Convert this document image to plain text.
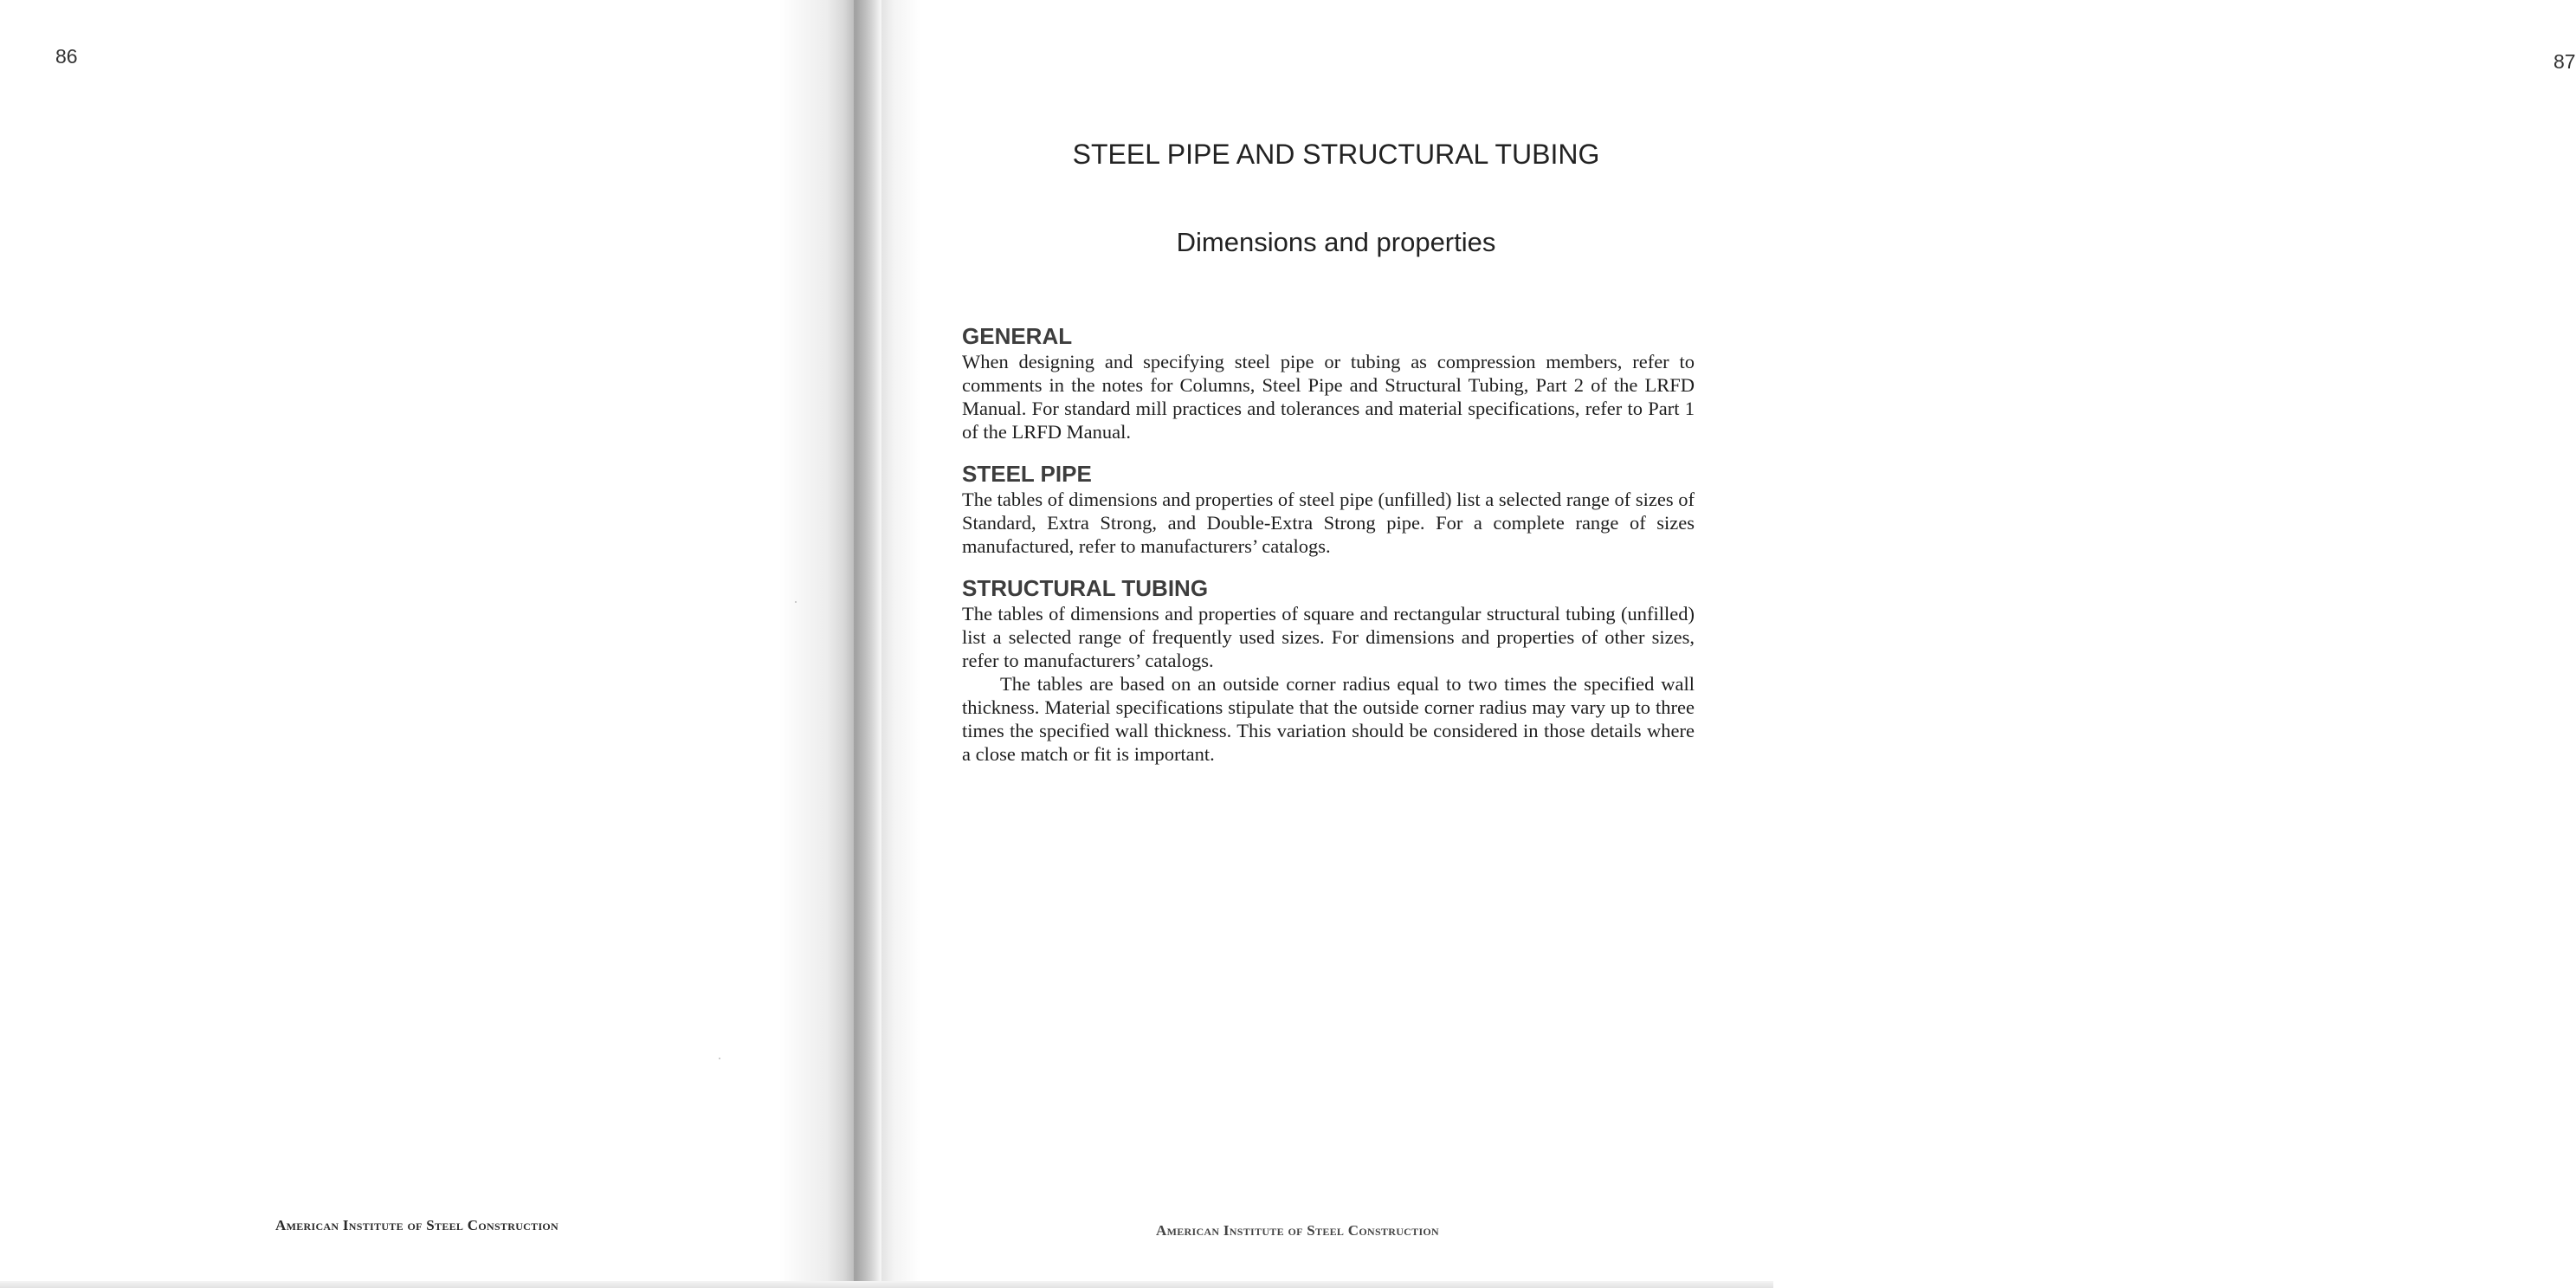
86
American Institute of Steel Construction
87
STEEL PIPE AND STRUCTURAL TUBING
Dimensions and properties
GENERAL

When designing and specifying steel pipe or tubing as compression members, refer to comments in the notes for Columns, Steel Pipe and Structural Tubing, Part 2 of the LRFD Manual. For standard mill practices and tolerances and material specifications, refer to Part 1 of the LRFD Manual.

STEEL PIPE

The tables of dimensions and properties of steel pipe (unfilled) list a selected range of sizes of Standard, Extra Strong, and Double-Extra Strong pipe. For a complete range of sizes manufactured, refer to manufacturers’ catalogs.

STRUCTURAL TUBING

The tables of dimensions and properties of square and rectangular structural tubing (unfilled) list a selected range of frequently used sizes. For dimensions and properties of other sizes, refer to manufacturers’ catalogs.

The tables are based on an outside corner radius equal to two times the specified wall thickness. Material specifications stipulate that the outside corner radius may vary up to three times the specified wall thickness. This variation should be considered in those details where a close match or fit is important.

American Institute of Steel Construction
